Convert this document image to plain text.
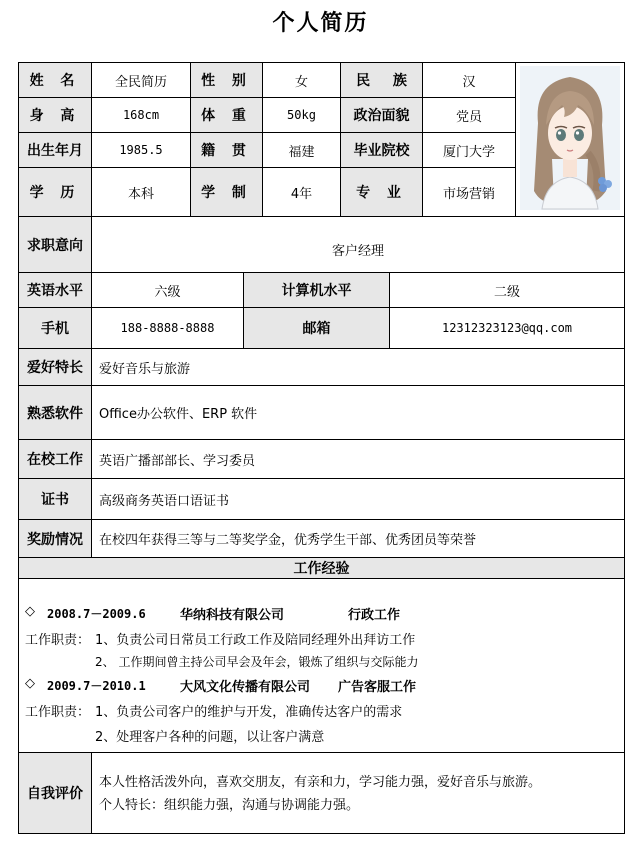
个人简历
姓 名	全民简历	性 别	女	民 族	汉
身 高	168cm	体 重	50kg	政治面貌	党员
出生年月	1985.5	籍 贯	福建	毕业院校	厦门大学
学 历	本科	学 制	4年	专 业	市场营销
求职意向	客户经理
英语水平	六级	计算机水平	二级
手机	188-8888-8888	邮箱	12312323123@qq.com
爱好特长	爱好音乐与旅游
熟悉软件	Office办公软件、ERP 软件
在校工作	英语广播部部长、学习委员
证书	高级商务英语口语证书
奖励情况	在校四年获得三等与二等奖学金，优秀学生干部、优秀团员等荣誉
工作经验
◇ 2008.7－2009.6	华纳科技有限公司	行政工作
工作职责： 1、负责公司日常员工行政工作及陪同经理外出拜访工作
2、 工作期间曾主持公司早会及年会，锻炼了组织与交际能力
◇ 2009.7－2010.1	大风文化传播有限公司 广告客服工作
工作职责： 1、负责公司客户的维护与开发，准确传达客户的需求
2、处理客户各种的问题，以让客户满意
自我评价
本人性格活泼外向，喜欢交朋友，有亲和力，学习能力强，爱好音乐与旅游。
个人特长：组织能力强，沟通与协调能力强。
